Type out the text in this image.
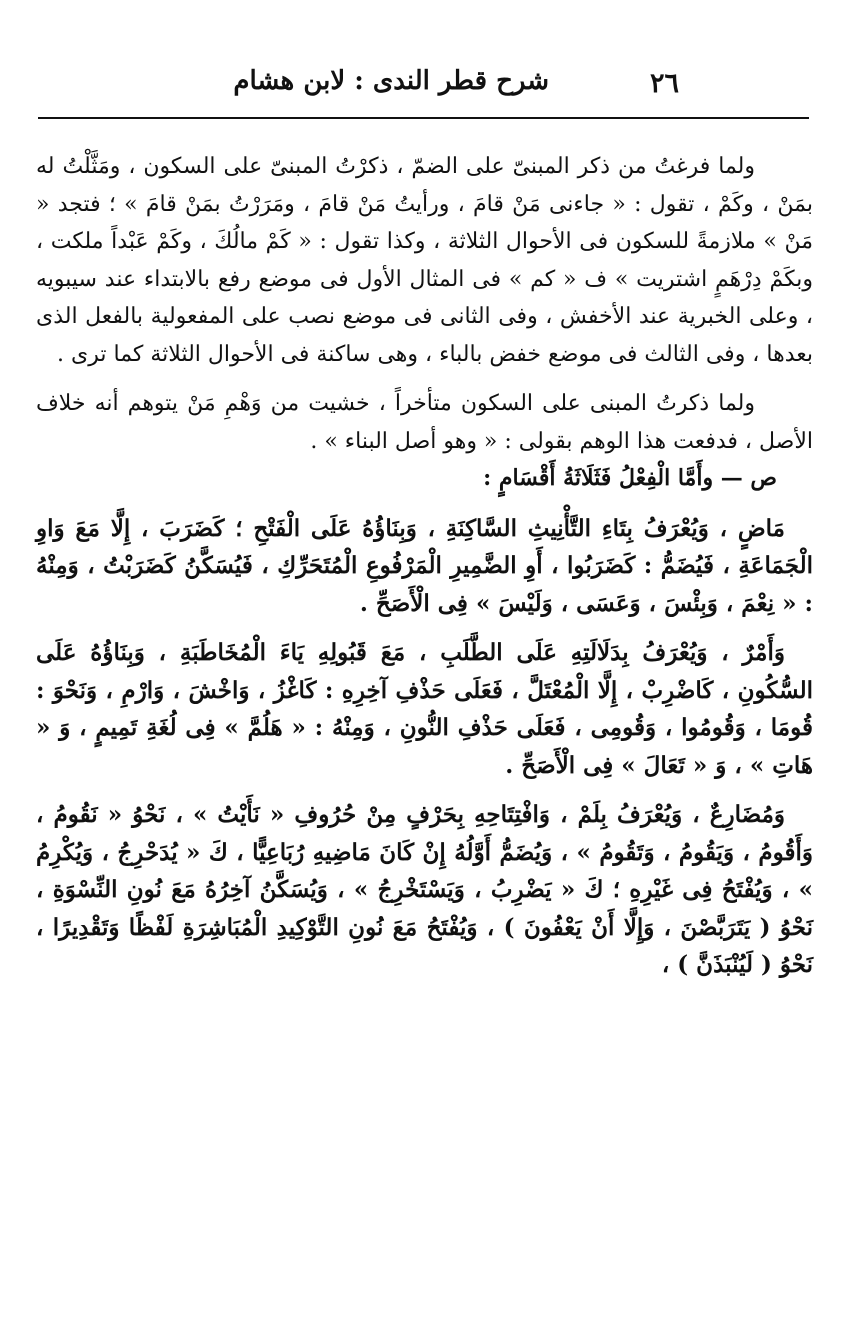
٢٦
شرح قطر الندى : لابن هشام

ولما فرغتُ من ذكر المبنىّ على الضمّ ، ذكرْتُ المبنىّ على السكون ، ومَثَّلْتُ له بمَنْ ، وكَمْ ، تقول : « جاءنى مَنْ قامَ ، ورأيتُ مَنْ قامَ ، ومَرَرْتُ بمَنْ قامَ » ؛ فتجد « مَنْ » ملازمةً للسكون فى الأحوال الثلاثة ، وكذا تقول : « كَمْ مالُكَ ، وكَمْ عَبْداً ملكت ، وبكَمْ دِرْهَمٍ اشتريت » ف « كم » فى المثال الأول فى موضع رفع بالابتداء عند سيبويه ، وعلى الخبرية عند الأخفش ، وفى الثانى فى موضع نصب على المفعولية بالفعل الذى بعدها ، وفى الثالث فى موضع خفض بالباء ، وهى ساكنة فى الأحوال الثلاثة كما ترى .

ولما ذكرتُ المبنى على السكون متأخراً ، خشيت من وَهْمِ مَنْ يتوهم أنه خلاف الأصل ، فدفعت هذا الوهم بقولى : « وهو أصل البناء » .

ص — وأَمَّا الْفِعْلُ فَثَلَاثَةُ أَقْسَامٍ :

مَاضٍ ، وَيُعْرَفُ بِتَاءِ التَّأْنِيثِ السَّاكِنَةِ ، وَبِنَاؤُهُ عَلَى الْفَتْحِ ؛ كَضَرَبَ ، إِلَّا مَعَ وَاوِ الْجَمَاعَةِ ، فَيُضَمُّ : كَضَرَبُوا ، أَوِ الضَّمِيرِ الْمَرْفُوعِ الْمُتَحَرِّكِ ، فَيُسَكَّنُ كَضَرَبْتُ ، وَمِنْهُ : « نِعْمَ ، وَبِئْسَ ، وَعَسَى ، وَلَيْسَ » فِى الْأَصَحِّ .

وَأَمْرٌ ، وَيُعْرَفُ بِدَلَالَتِهِ عَلَى الطَّلَبِ ، مَعَ قَبُولِهِ يَاءَ الْمُخَاطَبَةِ ، وَبِنَاؤُهُ عَلَى السُّكُونِ ، كَاضْرِبْ ، إِلَّا الْمُعْتَلَّ ، فَعَلَى حَذْفِ آخِرِهِ : كَاغْزُ ، وَاخْشَ ، وَارْمِ ، وَنَحْوَ : قُومَا ، وَقُومُوا ، وَقُومِى ، فَعَلَى حَذْفِ النُّونِ ، وَمِنْهُ : « هَلُمَّ » فِى لُغَةِ تَمِيمٍ ، وَ « هَاتِ » ، وَ « تَعَالَ » فِى الْأَصَحِّ .

وَمُضَارِعٌ ، وَيُعْرَفُ بِلَمْ ، وَافْتِتَاحِهِ بِحَرْفٍ مِنْ حُرُوفِ « نَأَيْتُ » ، نَحْوُ « نَقُومُ ، وَأَقُومُ ، وَيَقُومُ ، وَتَقُومُ » ، وَيُضَمُّ أَوَّلُهُ إِنْ كَانَ مَاضِيهِ رُبَاعِيًّا ، كَ « يُدَحْرِجُ ، وَيُكْرِمُ » ، وَيُفْتَحُ فِى غَيْرِهِ ؛ كَ « يَضْرِبُ ، وَيَسْتَخْرِجُ » ، وَيُسَكَّنُ آخِرُهُ مَعَ نُونِ النِّسْوَةِ ، نَحْوُ ( يَتَرَبَّصْنَ ، وَإِلَّا أَنْ يَعْفُونَ ) ، وَيُفْتَحُ مَعَ نُونِ التَّوْكِيدِ الْمُبَاشِرَةِ لَفْظًا وَتَقْدِيرًا ، نَحْوُ ( لَيُنْبَذَنَّ ) ،
